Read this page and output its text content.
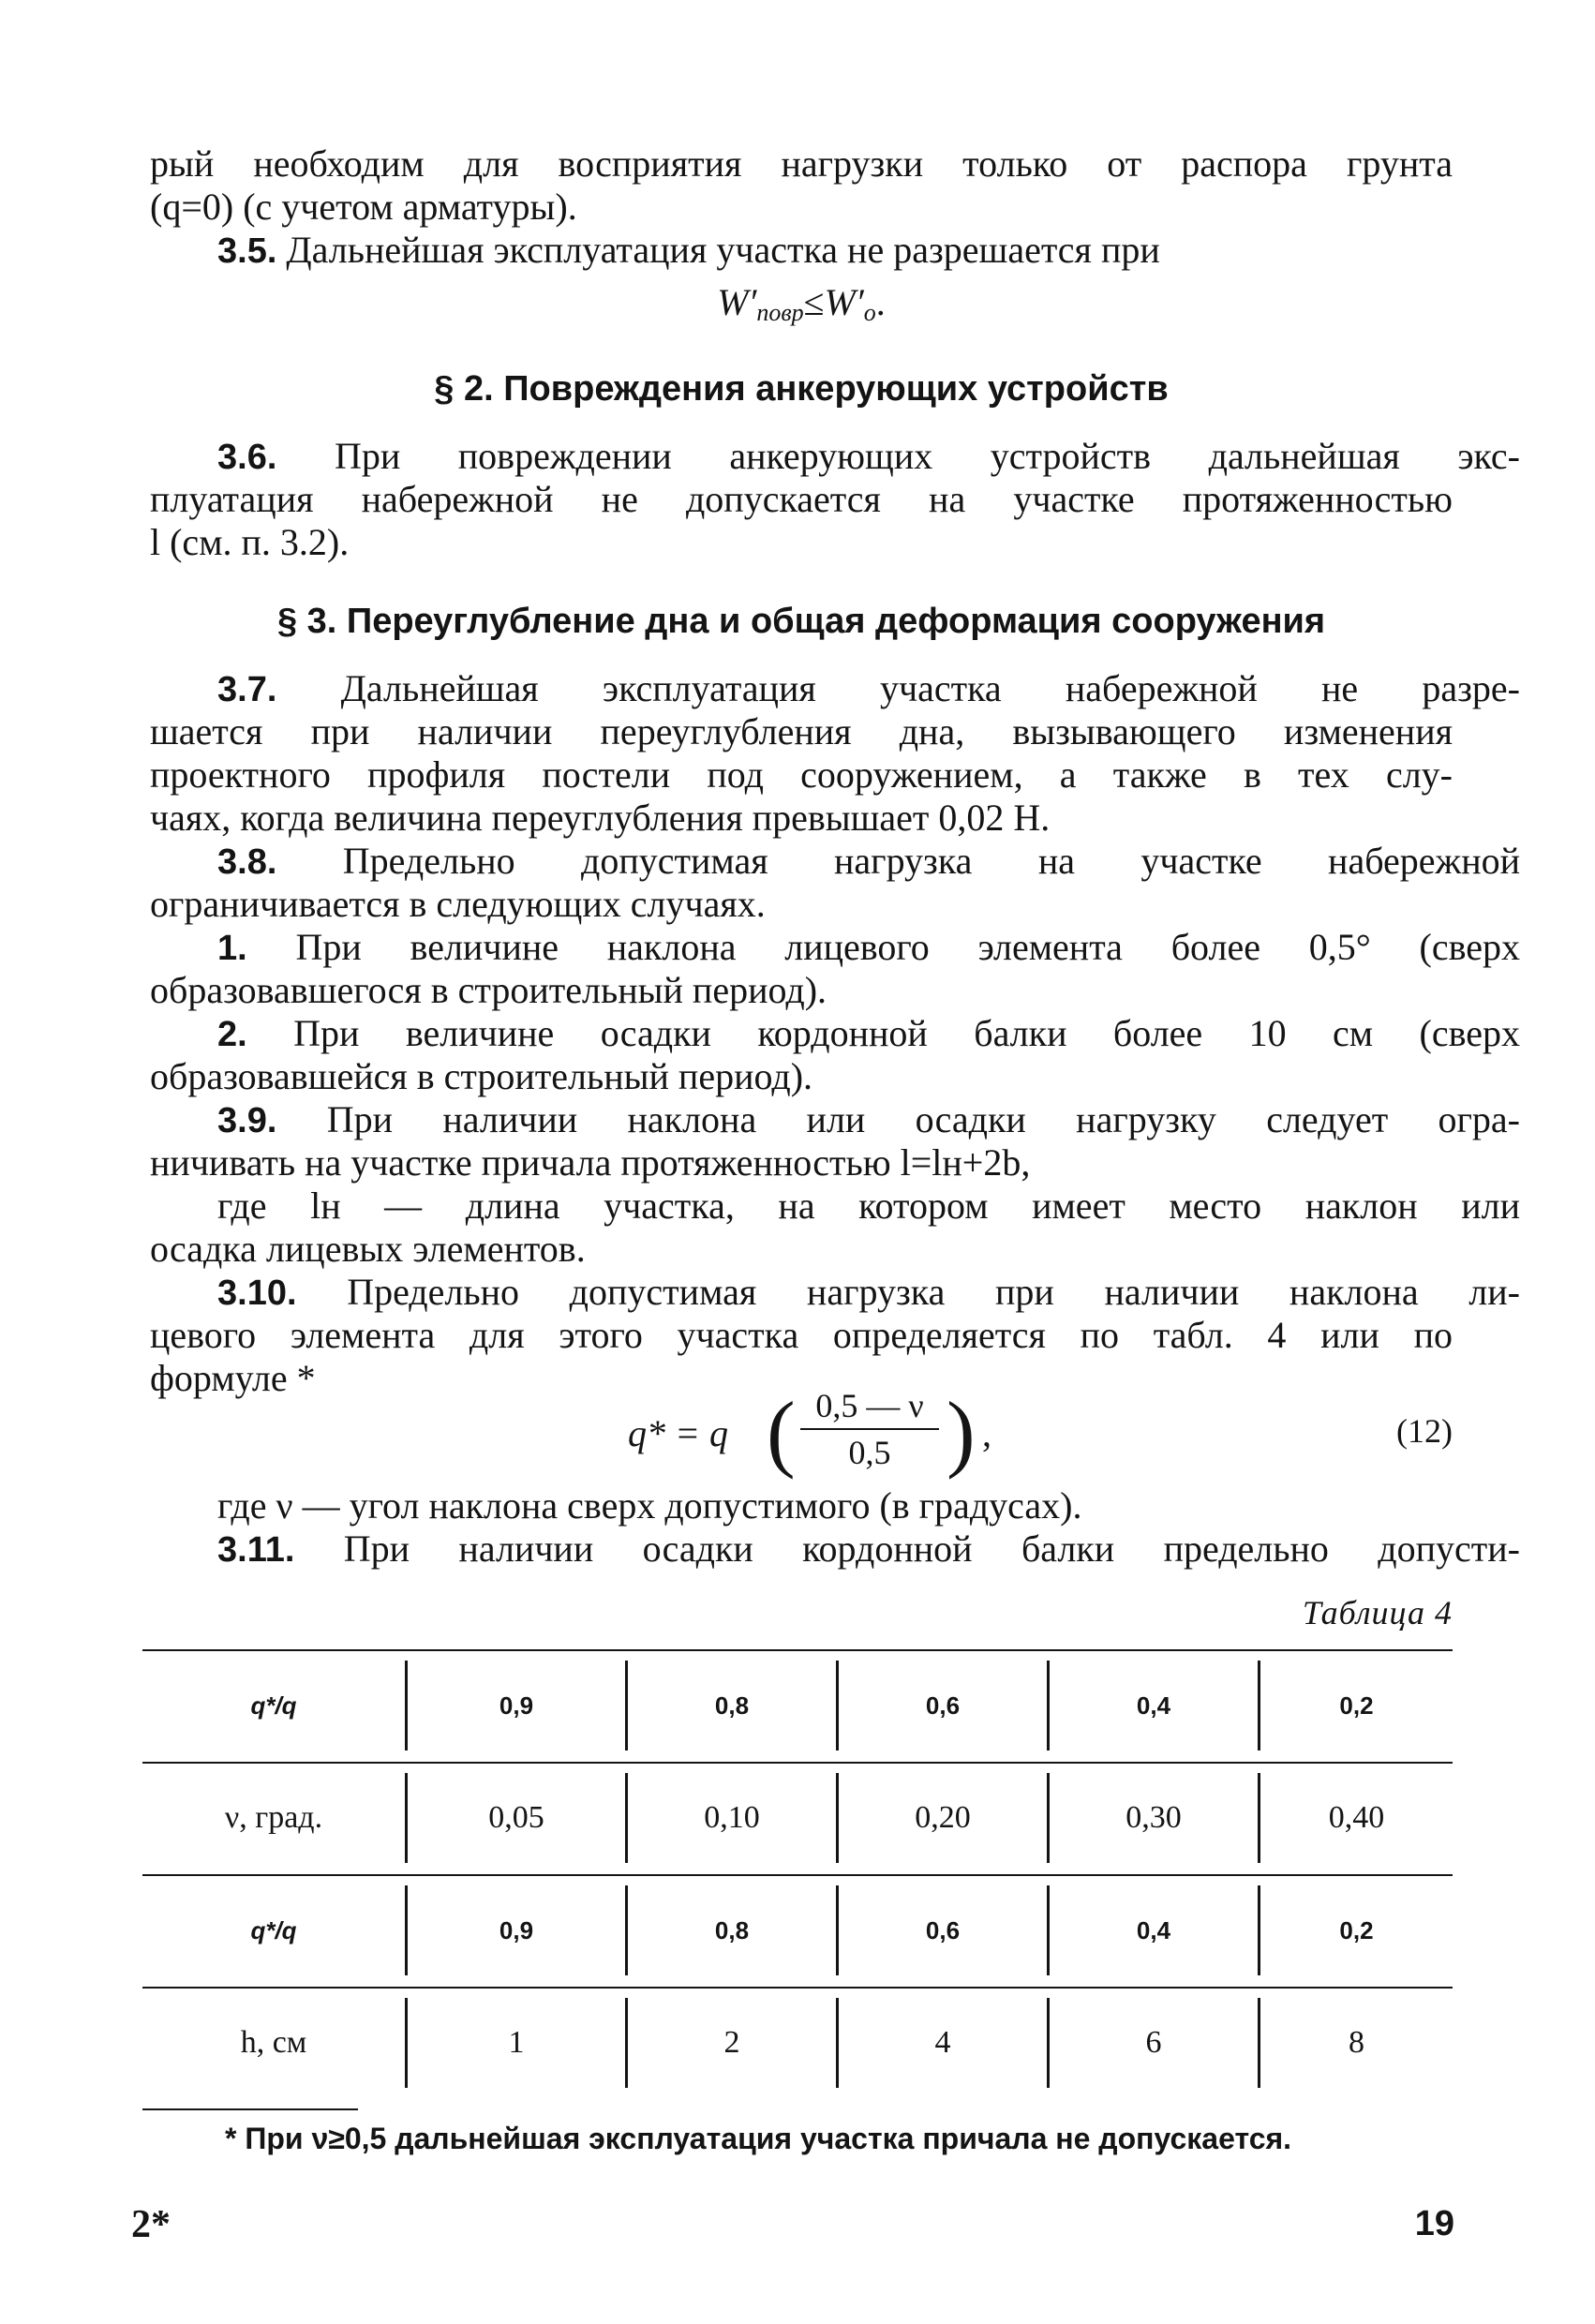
рый необходим для восприятия нагрузки только от распора грунта
(q=0) (с учетом арматуры).

3.5. Дальнейшая эксплуатация участка не разрешается при

$W'_{повр}\le W'_о$.

§ 2. Повреждения анкерующих устройств

3.6. При повреждении анкерующих устройств дальнейшая экс-

плуатация набережной не допускается на участке протяженностью
l (см. п. 3.2).

§ 3. Переуглубление дна и общая деформация сооружения

3.7. Дальнейшая эксплуатация участка набережной не разре-

шается при наличии переуглубления дна, вызывающего изменения
проектного профиля постели под сооружением, а также в тех слу-
чаях, когда величина переуглубления превышает 0,02 H.

3.8. Предельно допустимая нагрузка на участке набережной

ограничивается в следующих случаях.

1. При величине наклона лицевого элемента более 0,5° (сверх

образовавшегося в строительный период).

2. При величине осадки кордонной балки более 10 см (сверх

образовавшейся в строительный период).

3.9. При наличии наклона или осадки нагрузку следует огра-

ничивать на участке причала протяженностью l=lн+2b,

где lн — длина участка, на котором имеет место наклон или

осадка лицевых элементов.

3.10. Предельно допустимая нагрузка при наличии наклона ли-

цевого элемента для этого участка определяется по табл. 4 или по
формуле *

q* = q ( 0,5 — ν
0,5 ) ,	(12)

где ν — угол наклона сверх допустимого (в градусах).

3.11. При наличии осадки кордонной балки предельно допусти-

Таблица 4
q*/q	0,9	0,8	0,6	0,4	0,2
ν, град.	0,05	0,10	0,20	0,30	0,40
q*/q	0,9	0,8	0,6	0,4	0,2
h, см	1	2	4	6	8
* При ν≥0,5 дальнейшая эксплуатация участка причала не допускается.
2*	19
